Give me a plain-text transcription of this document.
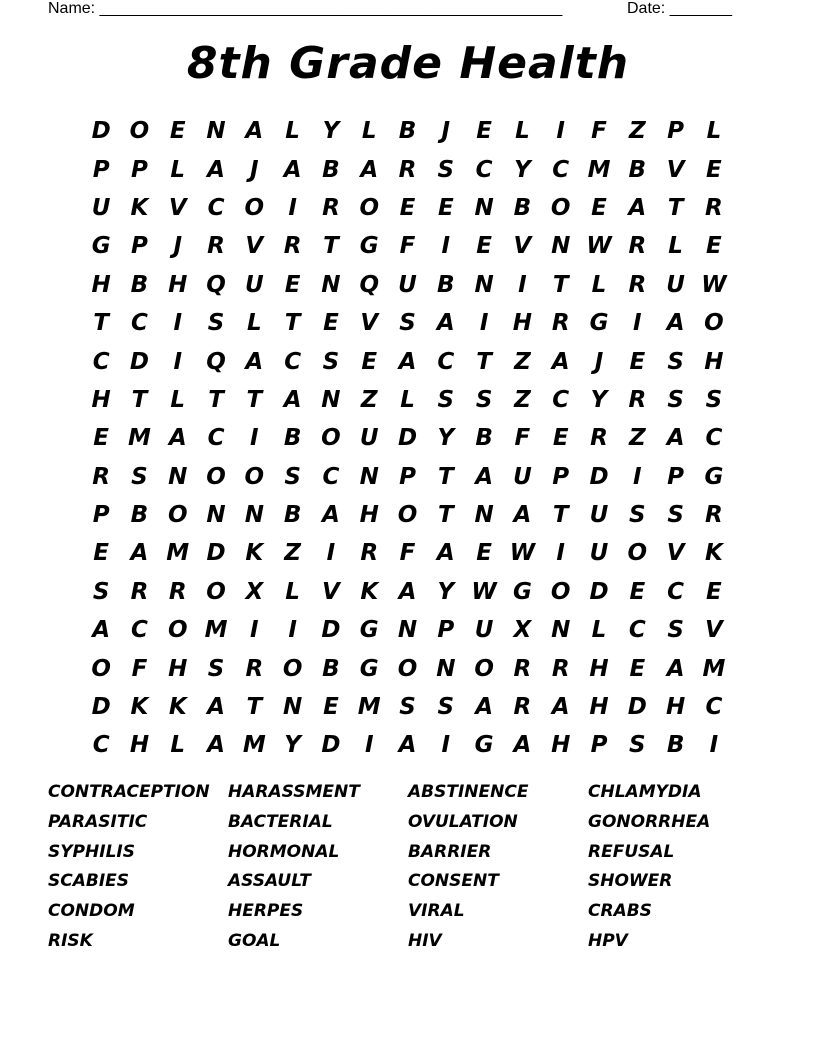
Name: ____________________________________________________	Date: _______
8th Grade Health
D O E N A L Y L B	J	E	L	I	F Z P L
P P L A	J	A B A R S C Y C M B V E
U K V C O	I	R O E E N B O E A T R
G P	J	R V R T G F	I	E V N W R L	E
H B H Q U E N Q U B N	I	T	L R U W
T C	I	S L	T E V S A	I	H R G	I	A O
C D	I	Q A C S E A C T Z A	J	E S H
H T	L	T T A N Z L S S Z C Y R S S
E M A C	I	B O U D Y B F E R Z A C
R S N O O S C N P T A U P D	I	P G
P B O N N B A H O T N A T U S S R
E A M D K Z	I	R F A E W I	U O V K
S R R O X L V K A Y W G O D E C E
A C O M I	I	D G N P U X N L C S V
O F H S R O B G O N O R R H E A M
D K K A T N E M S S A R A H D H C
C H L A M Y D	I	A	I	G A H P S B	I
CONTRACEPTION	HARASSMENT	ABSTINENCE	CHLAMYDIA
PARASITIC	BACTERIAL	OVULATION	GONORRHEA
SYPHILIS	HORMONAL	BARRIER	REFUSAL
SCABIES	ASSAULT	CONSENT	SHOWER
CONDOM	HERPES	VIRAL	CRABS
RISK	GOAL	HIV	HPV
